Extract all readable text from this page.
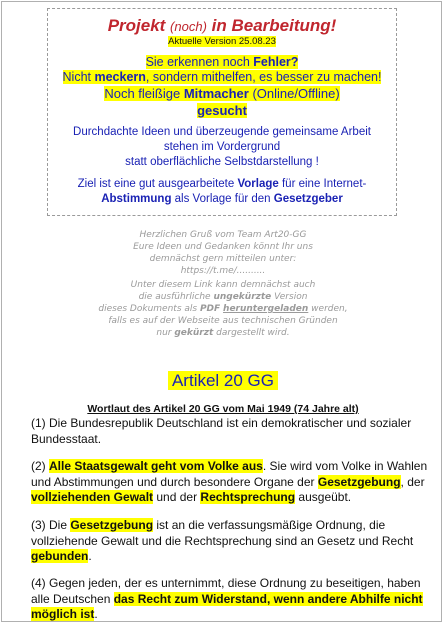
Projekt (noch) in Bearbeitung!
Aktuelle Version 25.08.23
Sie erkennen noch Fehler?
Nicht meckern, sondern mithelfen, es besser zu machen!
Noch fleißige Mitmacher (Online/Offline)
gesucht
Durchdachte Ideen und überzeugende gemeinsame Arbeit
stehen im Vordergrund
statt oberflächliche Selbstdarstellung !
Ziel ist eine gut ausgearbeitete Vorlage für eine Internet-
Abstimmung als Vorlage für den Gesetzgeber
Herzlichen Gruß vom Team Art20-GG
Eure Ideen und Gedanken könnt Ihr uns
demnächst gern mitteilen unter:
https://t.me/..........
Unter diesem Link kann demnächst auch
die ausführliche ungekürzte Version
dieses Dokuments als PDF heruntergeladen werden,
falls es auf der Webseite aus technischen Gründen
nur gekürzt dargestellt wird.
Artikel 20 GG
Wortlaut des Artikel 20 GG vom Mai 1949 (74 Jahre alt)
(1) Die Bundesrepublik Deutschland ist ein demokratischer und sozialer Bundesstaat.
(2) Alle Staatsgewalt geht vom Volke aus. Sie wird vom Volke in Wahlen und Abstimmungen und durch besondere Organe der Gesetzgebung, der vollziehenden Gewalt und der Rechtsprechung ausgeübt.
(3) Die Gesetzgebung ist an die verfassungsmäßige Ordnung, die vollziehende Gewalt und die Rechtsprechung sind an Gesetz und Recht gebunden.
(4) Gegen jeden, der es unternimmt, diese Ordnung zu beseitigen, haben alle Deutschen das Recht zum Widerstand, wenn andere Abhilfe nicht möglich ist.
